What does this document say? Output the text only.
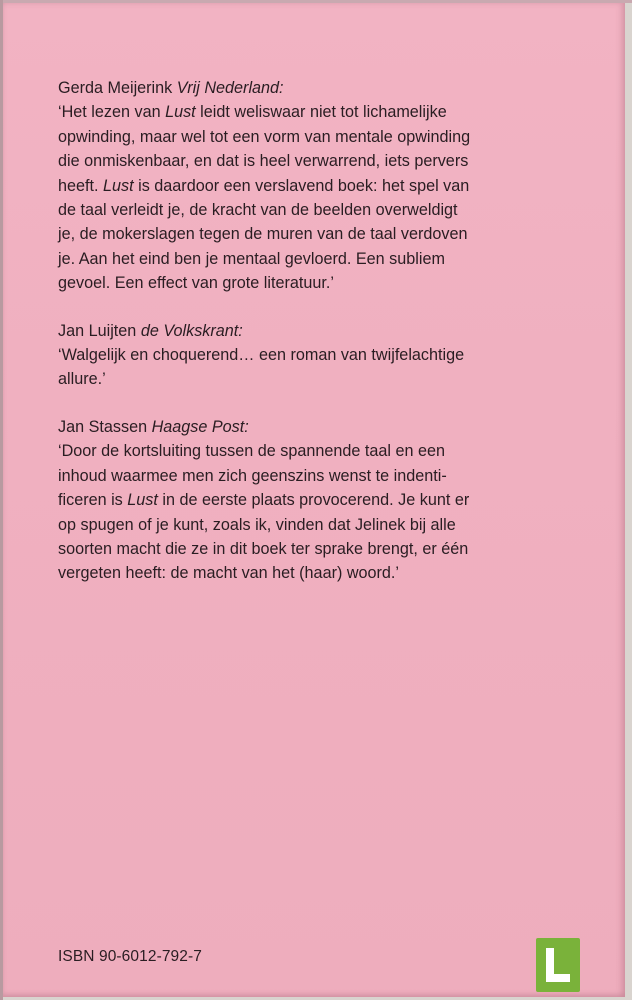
Gerda Meijerink Vrij Nederland:
‘Het lezen van Lust leidt weliswaar niet tot lichamelijke
opwinding, maar wel tot een vorm van mentale opwinding
die onmiskenbaar, en dat is heel verwarrend, iets pervers
heeft. Lust is daardoor een verslavend boek: het spel van
de taal verleidt je, de kracht van de beelden overweldigt
je, de mokerslagen tegen de muren van de taal verdoven
je. Aan het eind ben je mentaal gevloerd. Een subliem
gevoel. Een effect van grote literatuur.’
Jan Luijten de Volkskrant:
‘Walgelijk en choquerend… een roman van twijfelachtige
allure.’
Jan Stassen Haagse Post:
‘Door de kortsluiting tussen de spannende taal en een
inhoud waarmee men zich geenszins wenst te indenti-
ficeren is Lust in de eerste plaats provocerend. Je kunt er
op spugen of je kunt, zoals ik, vinden dat Jelinek bij alle
soorten macht die ze in dit boek ter sprake brengt, er één
vergeten heeft: de macht van het (haar) woord.’
ISBN 90-6012-792-7
